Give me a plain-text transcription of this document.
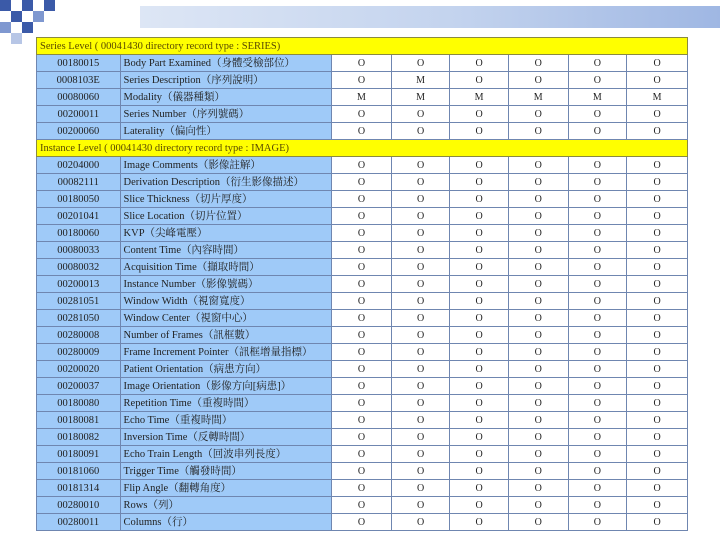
Series Level ( 00041430 directory record type : SERIES)							
00180015	Body Part Examined（身體受檢部位）	O	O	O	O	O	O
0008103E	Series Description（序列說明）	O	M	O	O	O	O
00080060	Modality（儀器種類）	M	M	M	M	M	M
00200011	Series Number（序列號碼）	O	O	O	O	O	O
00200060	Laterality（偏向性）	O	O	O	O	O	O
Instance Level ( 00041430 directory record type : IMAGE)							
00204000	Image Comments（影像註解）	O	O	O	O	O	O
00082111	Derivation Description（衍生影像描述）	O	O	O	O	O	O
00180050	Slice Thickness（切片厚度）	O	O	O	O	O	O
00201041	Slice Location（切片位置）	O	O	O	O	O	O
00180060	KVP（尖峰電壓）	O	O	O	O	O	O
00080033	Content Time（內容時間）	O	O	O	O	O	O
00080032	Acquisition Time（擷取時間）	O	O	O	O	O	O
00200013	Instance Number（影像號碼）	O	O	O	O	O	O
00281051	Window Width（視窗寬度）	O	O	O	O	O	O
00281050	Window Center（視窗中心）	O	O	O	O	O	O
00280008	Number of Frames（訊框數）	O	O	O	O	O	O
00280009	Frame Increment Pointer（訊框增量指標）	O	O	O	O	O	O
00200020	Patient Orientation（病患方向）	O	O	O	O	O	O
00200037	Image Orientation（影像方向[病患]）	O	O	O	O	O	O
00180080	Repetition Time（重複時間）	O	O	O	O	O	O
00180081	Echo Time（重複時間）	O	O	O	O	O	O
00180082	Inversion Time（反轉時間）	O	O	O	O	O	O
00180091	Echo Train Length（回波串列長度）	O	O	O	O	O	O
00181060	Trigger Time（觸發時間）	O	O	O	O	O	O
00181314	Flip Angle（翻轉角度）	O	O	O	O	O	O
00280010	Rows（列）	O	O	O	O	O	O
00280011	Columns（行）	O	O	O	O	O	O
